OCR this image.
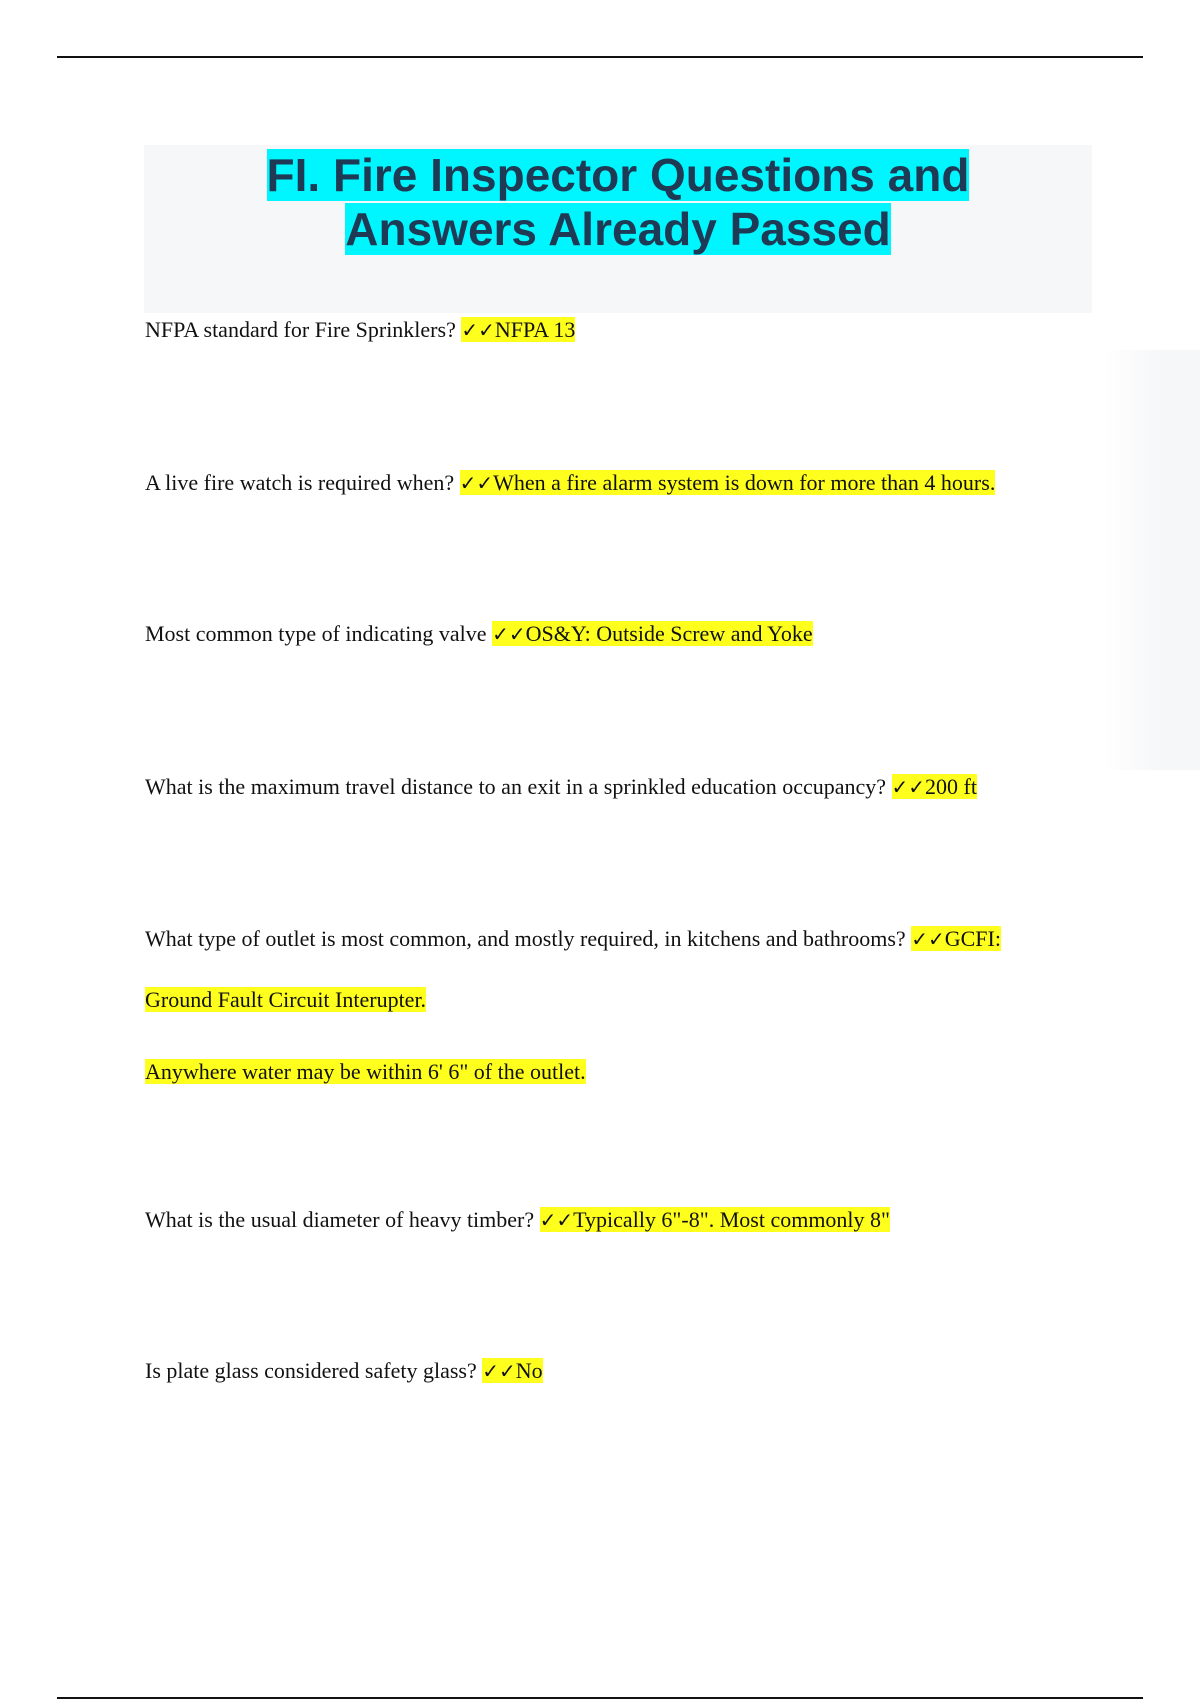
FI. Fire Inspector Questions and
Answers Already Passed
NFPA standard for Fire Sprinklers? ✓✓NFPA 13
A live fire watch is required when? ✓✓When a fire alarm system is down for more than 4 hours.
Most common type of indicating valve ✓✓OS&Y: Outside Screw and Yoke
What is the maximum travel distance to an exit in a sprinkled education occupancy? ✓✓200 ft
What type of outlet is most common, and mostly required, in kitchens and bathrooms? ✓✓GCFI:
Ground Fault Circuit Interupter.
Anywhere water may be within 6' 6" of the outlet.
What is the usual diameter of heavy timber? ✓✓Typically 6"-8". Most commonly 8"
Is plate glass considered safety glass? ✓✓No
